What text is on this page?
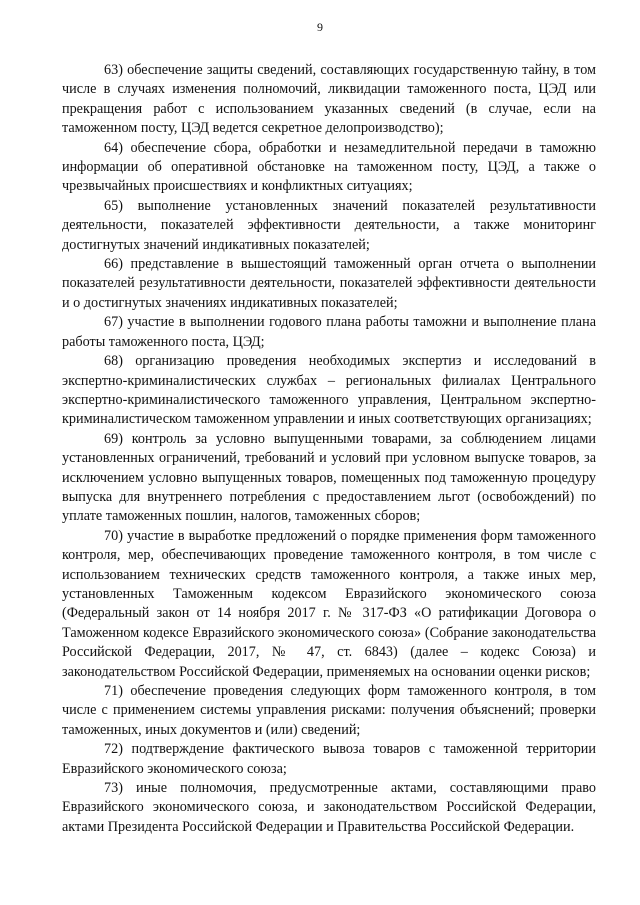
9

63) обеспечение защиты сведений, составляющих государственную тайну, в том числе в случаях изменения полномочий, ликвидации таможенного поста, ЦЭД или прекращения работ с использованием указанных сведений (в случае, если на таможенном посту, ЦЭД ведется секретное делопроизводство);

64) обеспечение сбора, обработки и незамедлительной передачи в таможню информации об оперативной обстановке на таможенном посту, ЦЭД, а также о чрезвычайных происшествиях и конфликтных ситуациях;

65) выполнение установленных значений показателей результативности деятельности, показателей эффективности деятельности, а также мониторинг достигнутых значений индикативных показателей;

66) представление в вышестоящий таможенный орган отчета о выполнении показателей результативности деятельности, показателей эффективности деятельности и о достигнутых значениях индикативных показателей;

67) участие в выполнении годового плана работы таможни и выполнение плана работы таможенного поста, ЦЭД;

68) организацию проведения необходимых экспертиз и исследований в экспертно-криминалистических службах – региональных филиалах Центрального экспертно-криминалистического таможенного управления, Центральном экспертно-криминалистическом таможенном управлении и иных соответствующих организациях;

69) контроль за условно выпущенными товарами, за соблюдением лицами установленных ограничений, требований и условий при условном выпуске товаров, за исключением условно выпущенных товаров, помещенных под таможенную процедуру выпуска для внутреннего потребления с предоставлением льгот (освобождений) по уплате таможенных пошлин, налогов, таможенных сборов;

70) участие в выработке предложений о порядке применения форм таможенного контроля, мер, обеспечивающих проведение таможенного контроля, в том числе с использованием технических средств таможенного контроля, а также иных мер, установленных Таможенным кодексом Евразийского экономического союза (Федеральный закон от 14 ноября 2017 г. № 317-ФЗ «О ратификации Договора о Таможенном кодексе Евразийского экономического союза» (Собрание законодательства Российской Федерации, 2017, № 47, ст. 6843) (далее – кодекс Союза) и законодательством Российской Федерации, применяемых на основании оценки рисков;

71) обеспечение проведения следующих форм таможенного контроля, в том числе с применением системы управления рисками: получения объяснений; проверки таможенных, иных документов и (или) сведений;

72) подтверждение фактического вывоза товаров с таможенной территории Евразийского экономического союза;

73) иные полномочия, предусмотренные актами, составляющими право Евразийского экономического союза, и законодательством Российской Федерации, актами Президента Российской Федерации и Правительства Российской Федерации.
